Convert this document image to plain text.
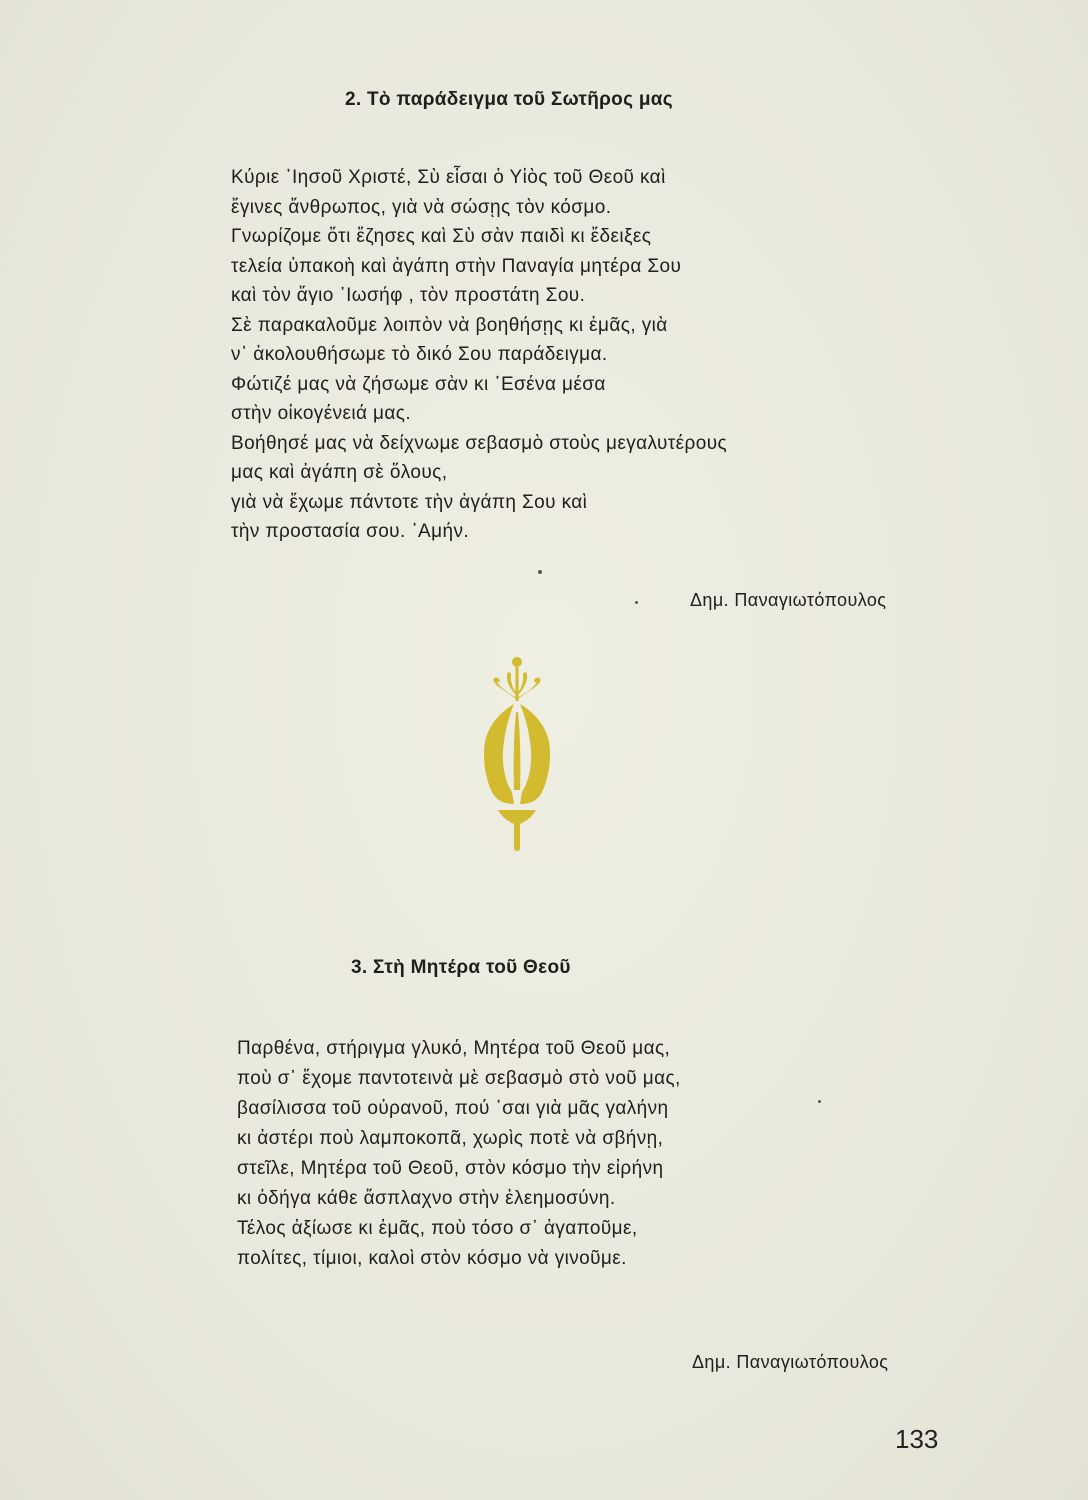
2. Τὸ παράδειγμα τοῦ Σωτῆρος μας
Κύριε ᾿Ιησοῦ Χριστέ, Σὺ εἶσαι ὁ Υἱὸς τοῦ Θεοῦ καὶ
ἔγινες ἄνθρωπος, γιὰ νὰ σώσῃς τὸν κόσμο.
Γνωρίζομε ὅτι ἔζησες καὶ Σὺ σὰν παιδὶ κι ἔδειξες
τελεία ὑπακοὴ καὶ ἀγάπη στὴν Παναγία μητέρα Σου
καὶ τὸν ἅγιο ᾿Ιωσήφ , τὸν προστάτη Σου.
Σὲ παρακαλοῦμε λοιπὸν νὰ βοηθήσῃς κι ἐμᾶς, γιὰ
ν᾿ ἀκολουθήσωμε τὸ δικό Σου παράδειγμα.
Φώτιζέ μας νὰ ζήσωμε σὰν κι ᾿Εσένα μέσα
στὴν οἰκογένειά μας.
Βοήθησέ μας νὰ δείχνωμε σεβασμὸ στοὺς μεγαλυτέρους
μας καὶ ἀγάπη σὲ ὅλους,
γιὰ νὰ ἔχωμε πάντοτε τὴν ἀγάπη Σου καὶ
τὴν προστασία σου. ᾿Αμήν.
Δημ. Παναγιωτόπουλος
3. Στὴ Μητέρα τοῦ Θεοῦ
Παρθένα, στήριγμα γλυκό, Μητέρα τοῦ Θεοῦ μας,
ποὺ σ᾿ ἔχομε παντοτεινὰ μὲ σεβασμὸ στὸ νοῦ μας,
βασίλισσα τοῦ οὐρανοῦ, πού ᾿σαι γιὰ μᾶς γαλήνη
κι ἀστέρι ποὺ λαμποκοπᾶ, χωρὶς ποτὲ νὰ σβήνῃ,
στεῖλε, Μητέρα τοῦ Θεοῦ, στὸν κόσμο τὴν εἰρήνη
κι ὁδήγα κάθε ἄσπλαχνο στὴν ἐλεημοσύνη.
Τέλος ἀξίωσε κι ἐμᾶς, ποὺ τόσο σ᾿ ἀγαποῦμε,
πολίτες, τίμιοι, καλοὶ στὸν κόσμο νὰ γινοῦμε.
Δημ. Παναγιωτόπουλος
133
